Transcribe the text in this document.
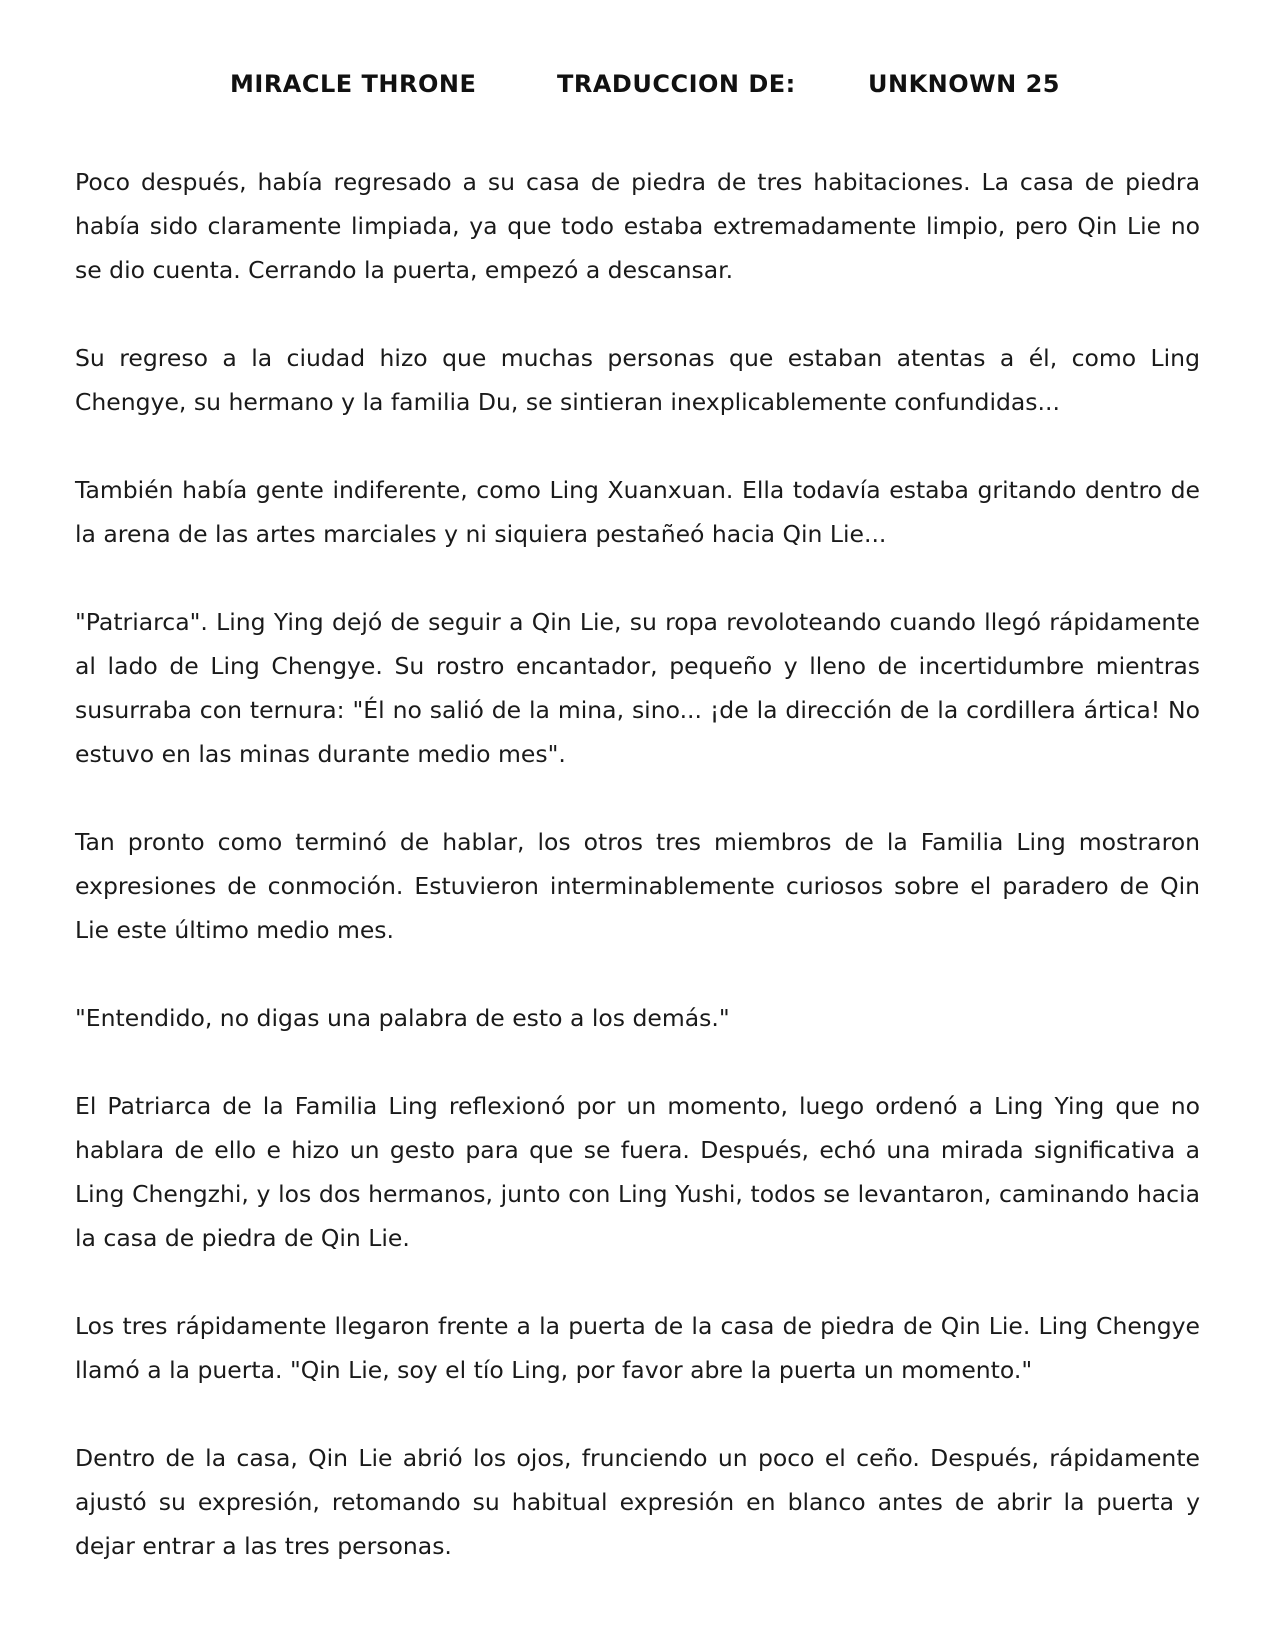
MIRACLE THRONE	TRADUCCION DE:	UNKNOWN 25

Poco después, había regresado a su casa de piedra de tres habitaciones. La casa de piedra había sido claramente limpiada, ya que todo estaba extremadamente limpio, pero Qin Lie no se dio cuenta. Cerrando la puerta, empezó a descansar.

Su regreso a la ciudad hizo que muchas personas que estaban atentas a él, como Ling Chengye, su hermano y la familia Du, se sintieran inexplicablemente confundidas...

También había gente indiferente, como Ling Xuanxuan. Ella todavía estaba gritando dentro de la arena de las artes marciales y ni siquiera pestañeó hacia Qin Lie...

"Patriarca". Ling Ying dejó de seguir a Qin Lie, su ropa revoloteando cuando llegó rápidamente al lado de Ling Chengye. Su rostro encantador, pequeño y lleno de incertidumbre mientras susurraba con ternura: "Él no salió de la mina, sino... ¡de la dirección de la cordillera ártica! No estuvo en las minas durante medio mes".

Tan pronto como terminó de hablar, los otros tres miembros de la Familia Ling mostraron expresiones de conmoción. Estuvieron interminablemente curiosos sobre el paradero de Qin Lie este último medio mes.

"Entendido, no digas una palabra de esto a los demás."

El Patriarca de la Familia Ling reflexionó por un momento, luego ordenó a Ling Ying que no hablara de ello e hizo un gesto para que se fuera. Después, echó una mirada significativa a Ling Chengzhi, y los dos hermanos, junto con Ling Yushi, todos se levantaron, caminando hacia la casa de piedra de Qin Lie.

Los tres rápidamente llegaron frente a la puerta de la casa de piedra de Qin Lie. Ling Chengye llamó a la puerta. "Qin Lie, soy el tío Ling, por favor abre la puerta un momento."

Dentro de la casa, Qin Lie abrió los ojos, frunciendo un poco el ceño. Después, rápidamente ajustó su expresión, retomando su habitual expresión en blanco antes de abrir la puerta y dejar entrar a las tres personas.
